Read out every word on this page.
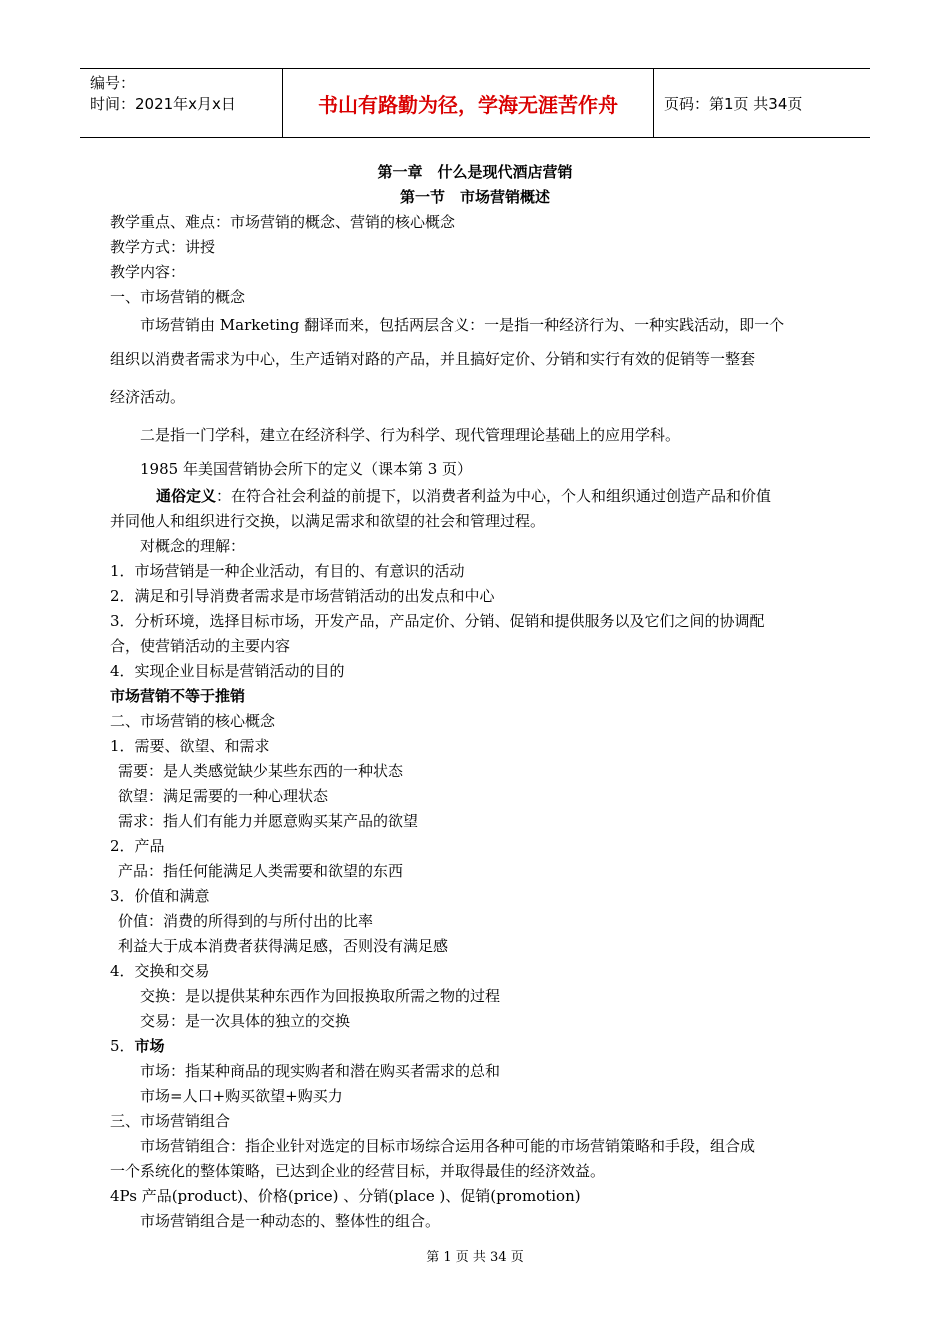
编号：
时间：2021年x月x日	书山有路勤为径，学海无涯苦作舟	页码：第1页 共34页
第一章　什么是现代酒店营销
第一节　市场营销概述
教学重点、难点：市场营销的概念、营销的核心概念
教学方式：讲授
教学内容：
一、市场营销的概念
市场营销由 Marketing 翻译而来，包括两层含义：一是指一种经济行为、一种实践活动，即一个
组织以消费者需求为中心，生产适销对路的产品，并且搞好定价、分销和实行有效的促销等一整套
经济活动。
二是指一门学科，建立在经济科学、行为科学、现代管理理论基础上的应用学科。
1985 年美国营销协会所下的定义（课本第 3 页）
通俗定义：在符合社会利益的前提下，以消费者利益为中心，个人和组织通过创造产品和价值
并同他人和组织进行交换，以满足需求和欲望的社会和管理过程。
对概念的理解：
1．市场营销是一种企业活动，有目的、有意识的活动
2．满足和引导消费者需求是市场营销活动的出发点和中心
3．分析环境，选择目标市场，开发产品，产品定价、分销、促销和提供服务以及它们之间的协调配
合，使营销活动的主要内容
4．实现企业目标是营销活动的目的
市场营销不等于推销
二、市场营销的核心概念
1．需要、欲望、和需求
需要：是人类感觉缺少某些东西的一种状态
欲望：满足需要的一种心理状态
需求：指人们有能力并愿意购买某产品的欲望
2．产品
产品：指任何能满足人类需要和欲望的东西
3．价值和满意
价值：消费的所得到的与所付出的比率
利益大于成本消费者获得满足感，否则没有满足感
4．交换和交易
交换：是以提供某种东西作为回报换取所需之物的过程
交易：是一次具体的独立的交换
5．市场
市场：指某种商品的现实购者和潜在购买者需求的总和
市场=人口+购买欲望+购买力
三、市场营销组合
市场营销组合：指企业针对选定的目标市场综合运用各种可能的市场营销策略和手段，组合成
一个系统化的整体策略，已达到企业的经营目标，并取得最佳的经济效益。
4Ps 产品(product)、价格(price) 、分销(place )、促销(promotion)
市场营销组合是一种动态的、整体性的组合。
第 1 页 共 34 页
